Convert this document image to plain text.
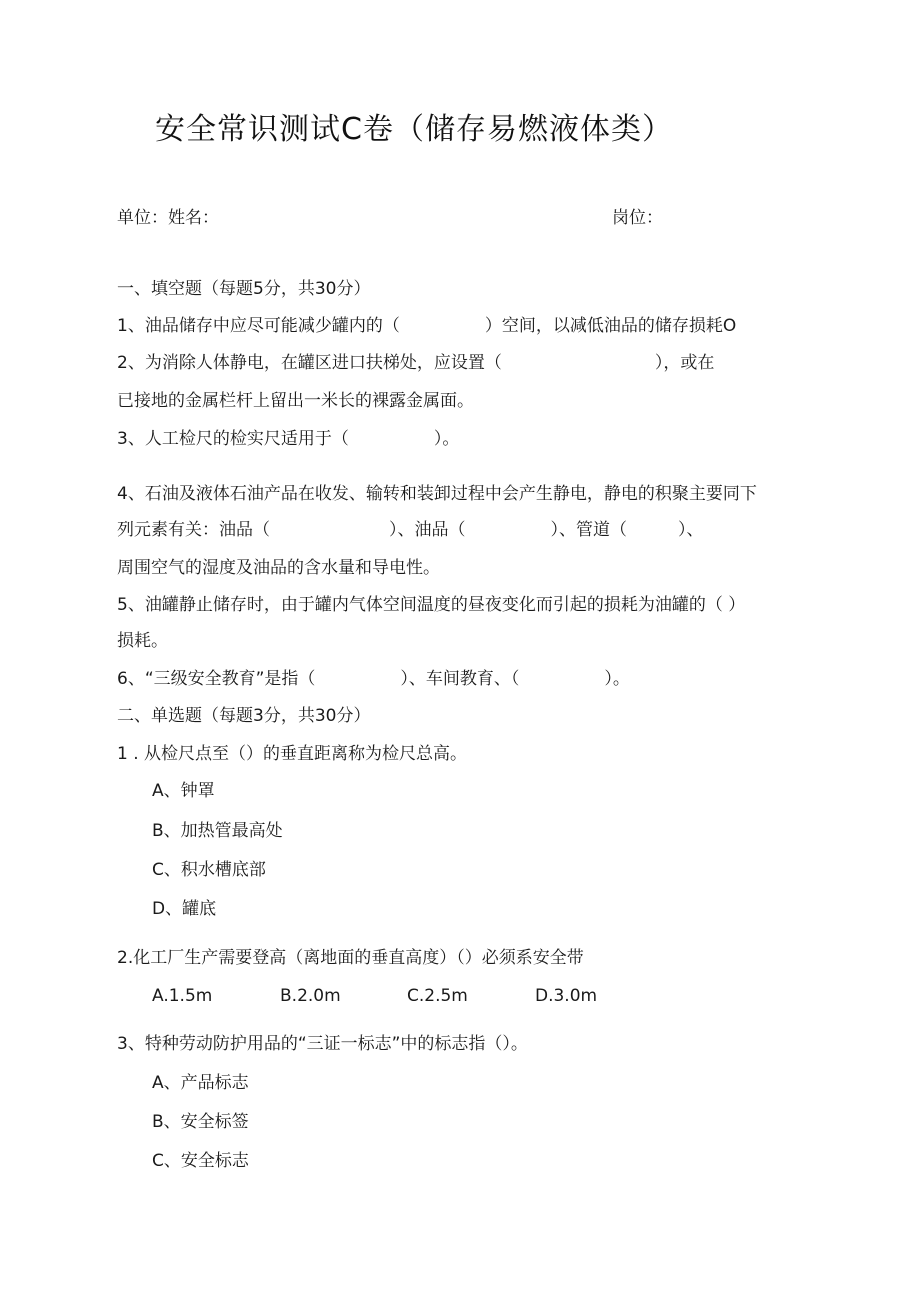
安全常识测试C卷（储存易燃液体类）
单位：姓名：	岗位：
一、填空题（每题5分，共30分）
1、油品储存中应尽可能减少罐内的（　　　　　）空间，以减低油品的储存损耗O
2、为消除人体静电，在罐区进口扶梯处，应设置（　　　　　　　　　），或在
已接地的金属栏杆上留出一米长的裸露金属面。
3、人工检尺的检实尺适用于（　　　　　）。
4、石油及液体石油产品在收发、输转和装卸过程中会产生静电，静电的积聚主要同下
列元素有关：油品（　　　　　　　）、油品（　　　　　）、管道（　　　）、
周围空气的湿度及油品的含水量和导电性。
5、油罐静止储存时，由于罐内气体空间温度的昼夜变化而引起的损耗为油罐的（ ）
损耗。
6、“三级安全教育”是指（　　　　　）、车间教育、（　　　　　）。
二、单选题（每题3分，共30分）
1 . 从检尺点至（）的垂直距离称为检尺总高。
A、钟罩
B、加热管最高处
C、积水槽底部
D、罐底
2.化工厂生产需要登高（离地面的垂直高度）（）必须系安全带
A.1.5m	B.2.0m	C.2.5m	D.3.0m
3、特种劳动防护用品的“三证一标志”中的标志指（）。
A、产品标志
B、安全标签
C、安全标志
